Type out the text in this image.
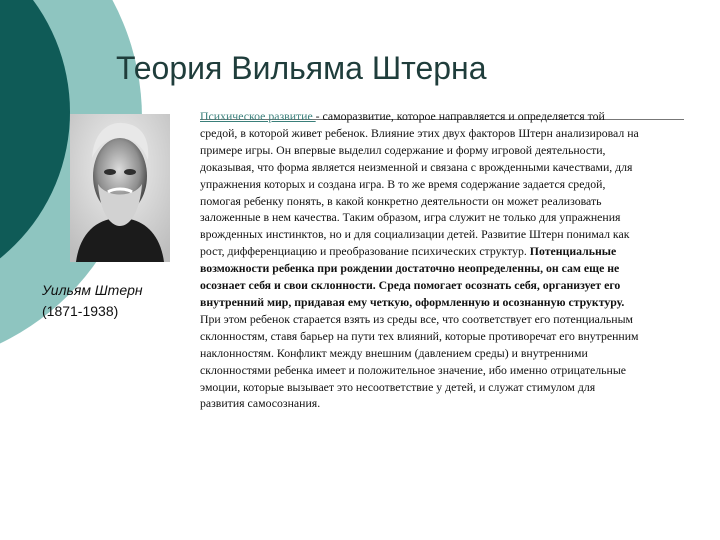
Теория Вильяма Штерна
Уильям Штерн
(1871-1938)
Психическое развитие - саморазвитие, которое направляется и определяется той средой, в которой живет ребенок. Влияние этих двух факторов Штерн анализировал на примере игры. Он впервые выделил содержание и форму игровой деятельности, доказывая, что форма является неизменной и связана с врожденными качествами, для упражнения которых и создана игра. В то же время содержание задается средой, помогая ребенку понять, в какой конкретно деятельности он может реализовать заложенные в нем качества. Таким образом, игра служит не только для упражнения врожденных инстинктов, но и для социализации детей. Развитие Штерн понимал как рост, дифференциацию и преобразование психических структур. Потенциальные возможности ребенка при рождении достаточно неопределенны, он сам еще не осознает себя и свои склонности. Среда помогает осознать себя, организует его внутренний мир, придавая ему четкую, оформленную и осознанную структуру. При этом ребенок старается взять из среды все, что соответствует его потенциальным склонностям, ставя барьер на пути тех влияний, которые противоречат его внутренним наклонностям. Конфликт между внешним (давлением среды) и внутренними склонностями ребенка имеет и положительное значение, ибо именно отрицательные эмоции, которые вызывает это несоответствие у детей, и служат стимулом для развития самосознания.
